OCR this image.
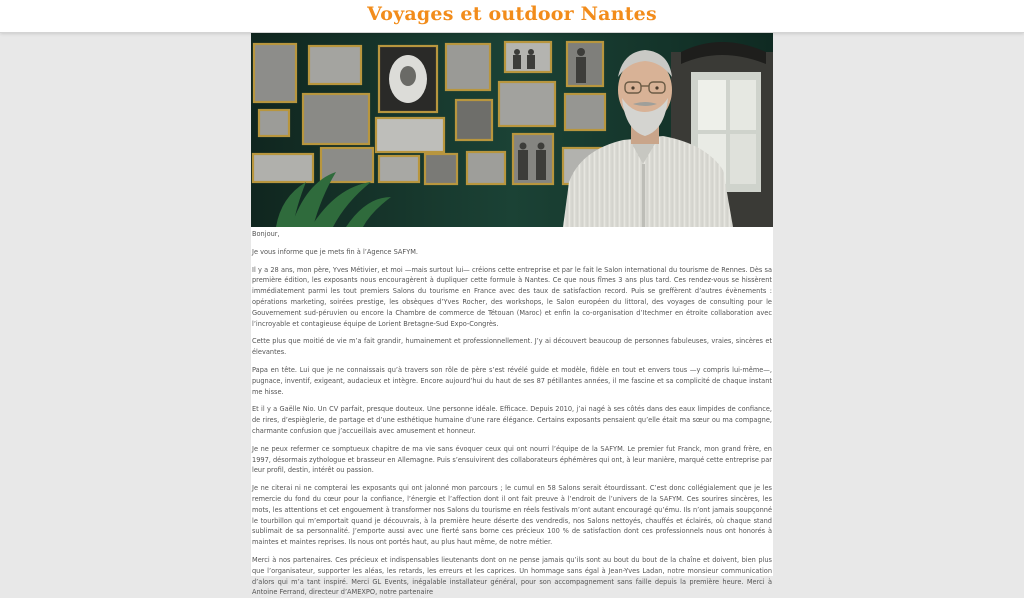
Voyages et outdoor Nantes

Bonjour,

Je vous informe que je mets fin à l’Agence SAFYM.

Il y a 28 ans, mon père, Yves Métivier, et moi —mais surtout lui— créions cette entreprise et par le fait le Salon international du tourisme de Rennes. Dès sa première édition, les exposants nous encouragèrent à dupliquer cette formule à Nantes. Ce que nous fîmes 3 ans plus tard. Ces rendez-vous se hissèrent immédiatement parmi les tout premiers Salons du tourisme en France avec des taux de satisfaction record. Puis se greffèrent d’autres évènements : opérations marketing, soirées prestige, les obsèques d’Yves Rocher, des workshops, le Salon européen du littoral, des voyages de consulting pour le Gouvernement sud-péruvien ou encore la Chambre de commerce de Tétouan (Maroc) et enfin la co-organisation d’Itechmer en étroite collaboration avec l’incroyable et contagieuse équipe de Lorient Bretagne-Sud Expo-Congrès.

Cette plus que moitié de vie m’a fait grandir, humainement et professionnellement. J’y ai découvert beaucoup de personnes fabuleuses, vraies, sincères et élevantes.

Papa en tête. Lui que je ne connaissais qu’à travers son rôle de père s’est révélé guide et modèle, fidèle en tout et envers tous —y compris lui-même—, pugnace, inventif, exigeant, audacieux et intègre. Encore aujourd’hui du haut de ses 87 pétillantes années, il me fascine et sa complicité de chaque instant me hisse.

Et il y a Gaëlle Nio. Un CV parfait, presque douteux. Une personne idéale. Efficace. Depuis 2010, j’ai nagé à ses côtés dans des eaux limpides de confiance, de rires, d’espièglerie, de partage et d’une esthétique humaine d’une rare élégance. Certains exposants pensaient qu’elle était ma sœur ou ma compagne, charmante confusion que j’accueillais avec amusement et honneur.

Je ne peux refermer ce somptueux chapitre de ma vie sans évoquer ceux qui ont nourri l’équipe de la SAFYM. Le premier fut Franck, mon grand frère, en 1997, désormais zythologue et brasseur en Allemagne. Puis s’ensuivirent des collaborateurs éphémères qui ont, à leur manière, marqué cette entreprise par leur profil, destin, intérêt ou passion.

Je ne citerai ni ne compterai les exposants qui ont jalonné mon parcours ; le cumul en 58 Salons serait étourdissant. C’est donc collégialement que je les remercie du fond du cœur pour la confiance, l’énergie et l’affection dont il ont fait preuve à l’endroit de l’univers de la SAFYM. Ces sourires sincères, les mots, les attentions et cet engouement à transformer nos Salons du tourisme en réels festivals m’ont autant encouragé qu’ému. Ils n’ont jamais soupçonné le tourbillon qui m’emportait quand je découvrais, à la première heure déserte des vendredis, nos Salons nettoyés, chauffés et éclairés, où chaque stand sublimait de sa personnalité. J’emporte aussi avec une fierté sans borne ces précieux 100 % de satisfaction dont ces professionnels nous ont honorés à maintes et maintes reprises. Ils nous ont portés haut, au plus haut même, de notre métier.

Merci à nos partenaires. Ces précieux et indispensables lieutenants dont on ne pense jamais qu’ils sont au bout du bout de la chaîne et doivent, bien plus que l’organisateur, supporter les aléas, les retards, les erreurs et les caprices. Un hommage sans égal à Jean-Yves Ladan, notre monsieur communication d’alors qui m’a tant inspiré. Merci GL Events, inégalable installateur général, pour son accompagnement sans faille depuis la première heure. Merci à Antoine Ferrand, directeur d’AMEXPO, notre partenaire
